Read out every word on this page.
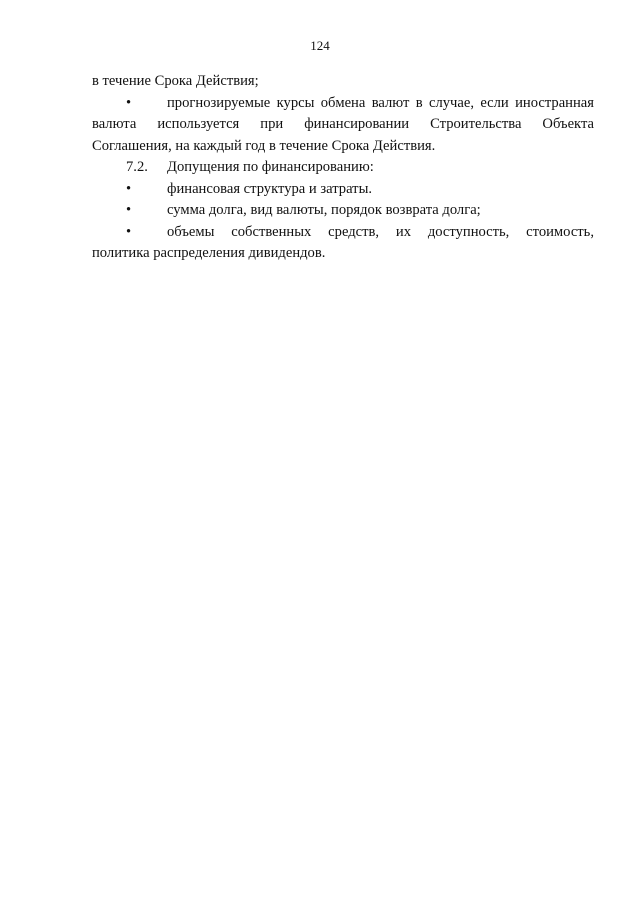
124

в течение Срока Действия;

•	прогнозируемые курсы обмена валют в случае, если иностранная

валюта используется при финансировании Строительства Объекта

Соглашения, на каждый год в течение Срока Действия.

7.2.	Допущения по финансированию:
•	финансовая структура и затраты.
•	сумма долга, вид валюты, порядок возврата долга;
•	объемы собственных средств, их доступность, стоимость,

политика распределения дивидендов.
